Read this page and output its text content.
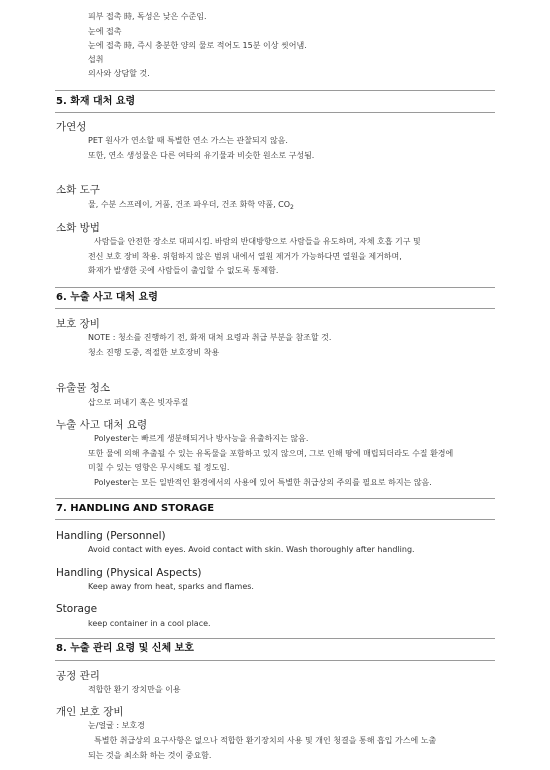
피부 접촉 時, 독성은 낮은 수준임.
눈에 접촉
눈에 접촉 時, 즉시 충분한 양의 물로 적어도 15분 이상 씻어냄.
섭취
의사와 상담할 것.
5. 화재 대처 요령
가연성
PET 원사가 연소할 때 특별한 연소 가스는 관찰되지 않음.
또한, 연소 생성물은 다른 여타의 유기물과 비슷한 원소로 구성됨.
소화 도구
물, 수분 스프레이, 거품, 건조 파우더, 건조 화학 약품, $CO_2$
소화 방법
사람들을 안전한 장소로 대피시킴. 바람의 반대방향으로 사람들을 유도하며, 자체 호흡 기구 및
전신 보호 장비 착용. 위험하지 않은 범위 내에서 열원 제거가 가능하다면 열원을 제거하며,
화재가 발생한 곳에 사람들이 출입할 수 없도록 통제함.
6. 누출 사고 대처 요령
보호 장비
NOTE : 청소를 진행하기 전, 화재 대처 요령과 취급 부분을 참조할 것.
청소 진행 도중, 적절한 보호장비 착용
유출물 청소
삽으로 퍼내기 혹은 빗자루질
누출 사고 대처 요령
Polyester는 빠르게 생분해되거나 방사능을 유출하지는 않음.
또한 물에 의해 추출될 수 있는 유독물을 포함하고 있지 않으며, 그로 인해 땅에 매립되더라도 수질 환경에
미칠 수 있는 영향은 무시해도 될 정도임.
Polyester는 모든 일반적인 환경에서의 사용에 있어 특별한 취급상의 주의를 필요로 하지는 않음.
7. HANDLING AND STORAGE
Handling (Personnel)
Avoid contact with eyes. Avoid contact with skin. Wash thoroughly after handling.
Handling (Physical Aspects)
Keep away from heat, sparks and flames.
Storage
keep container in a cool place.
8. 누출 관리 요령 및 신체 보호
공정 관리
적합한 환기 장치만을 이용
개인 보호 장비
눈/얼굴 : 보호경
특별한 취급상의 요구사항은 없으나 적합한 환기장치의 사용 및 개인 청결을 통해 흡입 가스에 노출
되는 것을 최소화 하는 것이 중요함.
